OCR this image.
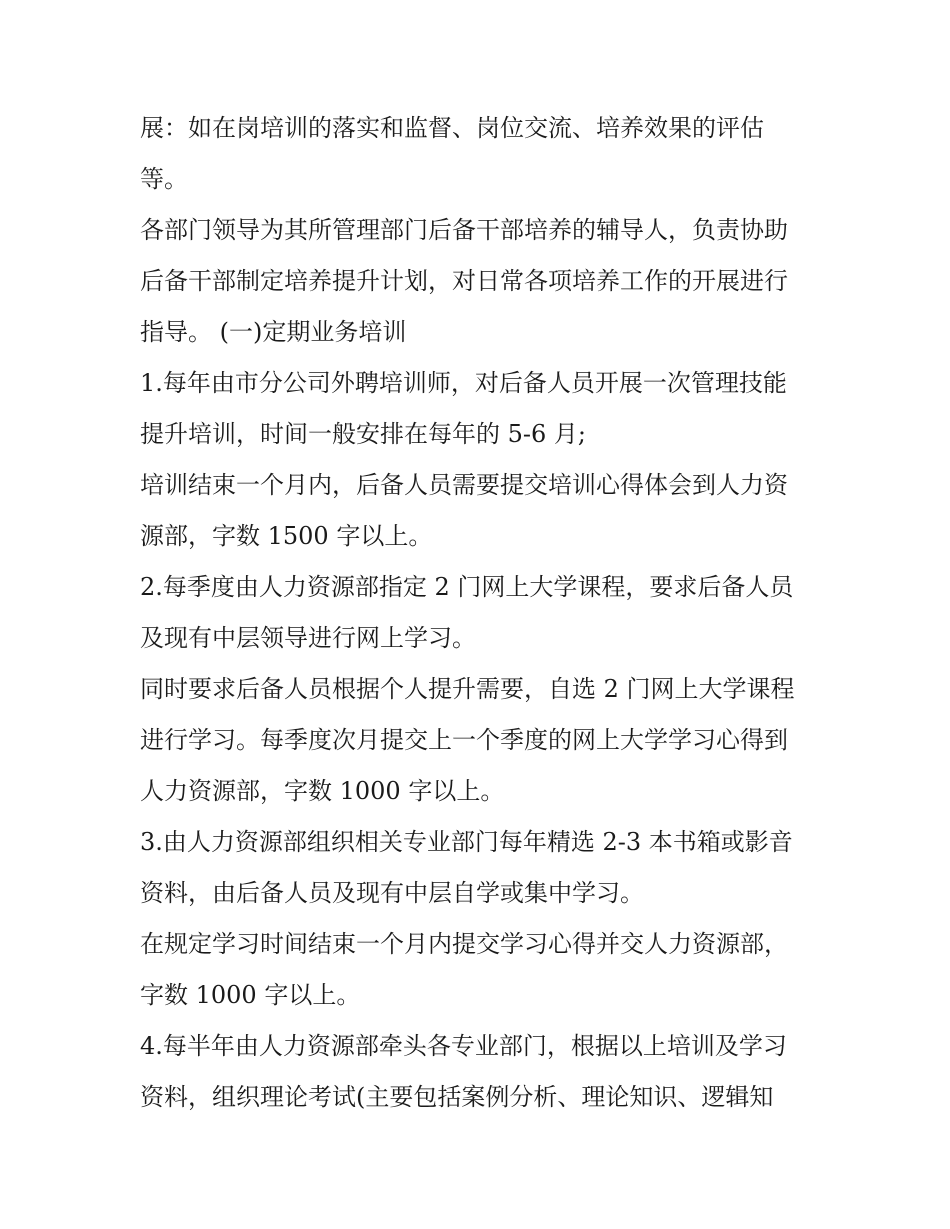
展：如在岗培训的落实和监督、岗位交流、培养效果的评估

等。

各部门领导为其所管理部门后备干部培养的辅导人，负责协助

后备干部制定培养提升计划，对日常各项培养工作的开展进行

指导。 (一)定期业务培训

1.每年由市分公司外聘培训师，对后备人员开展一次管理技能

提升培训，时间一般安排在每年的 5-6 月;

培训结束一个月内，后备人员需要提交培训心得体会到人力资

源部，字数 1500 字以上。

2.每季度由人力资源部指定 2 门网上大学课程，要求后备人员

及现有中层领导进行网上学习。

同时要求后备人员根据个人提升需要，自选 2 门网上大学课程

进行学习。每季度次月提交上一个季度的网上大学学习心得到

人力资源部，字数 1000 字以上。

3.由人力资源部组织相关专业部门每年精选 2-3 本书箱或影音

资料，由后备人员及现有中层自学或集中学习。

在规定学习时间结束一个月内提交学习心得并交人力资源部，

字数 1000 字以上。

4.每半年由人力资源部牵头各专业部门，根据以上培训及学习

资料，组织理论考试(主要包括案例分析、理论知识、逻辑知
